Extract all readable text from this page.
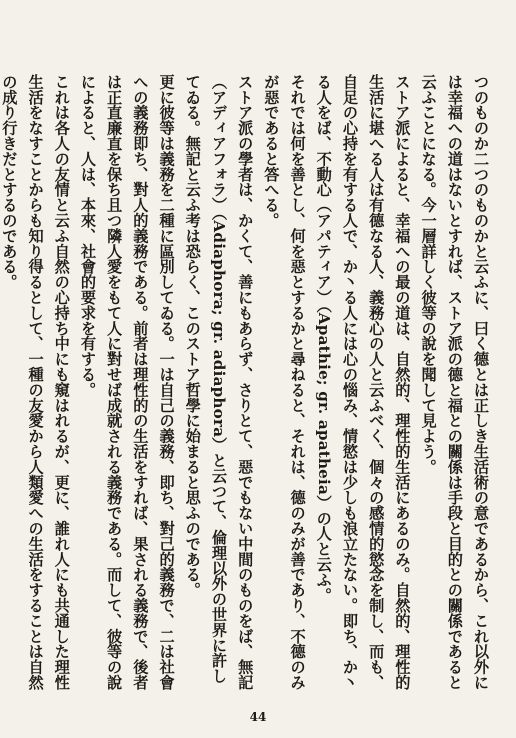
つのものか二つのものかと云ふに、曰く德とは正しき生活術の意であるから、これ以外には幸福への道はないとすれば、ストア派の德と福との關係は手段と目的との關係であると云ふことになる。今一層詳しく彼等の說を聞して見よう。

ストア派によると、幸福への最の道は、自然的、理性的生活にあるのみ。自然的、理性的生活に堪へる人は有德なる人、義務心の人と云ふべく、個々の感情的慾念を制し、而も、自足の心持を有する人で、か丶る人には心の惱み、情慾は少しも浪立たない。即ち、か丶る人をば、不動心（アパティア）（Apathie; gr. apatheia）の人と云ふ。

それでは何を善とし、何を惡とするかと尋ねると、それは、德のみが善であり、不德のみが惡であると答へる。

ストア派の學者は、かくて、善にもあらず、さりとて、惡でもない中間のものをば、無記（アディアフォラ）（Adiaphora; gr. adiaphora）と云つて、倫理以外の世界に許してゐる。無記と云ふ考は恐らく、このストア哲學に始まると思ふのである。

更に彼等は義務を二種に區別してゐる。一は自己の義務、即ち、對己的義務で、二は社會への義務即ち、對人的義務である。前者は理性的の生活をすれば、果される義務で、後者は正直廉直を保ち且つ隣人愛をもて人に對せば成就される義務である。而して、彼等の說によると、人は、本來、社會的要求を有する。

これは各人の友情と云ふ自然の心持ち中にも窺はれるが、更に、誰れ人にも共通した理性生活をなすことからも知り得るとして、一種の友愛から人類愛への生活をすることは自然の成り行きだとするのである。

44
